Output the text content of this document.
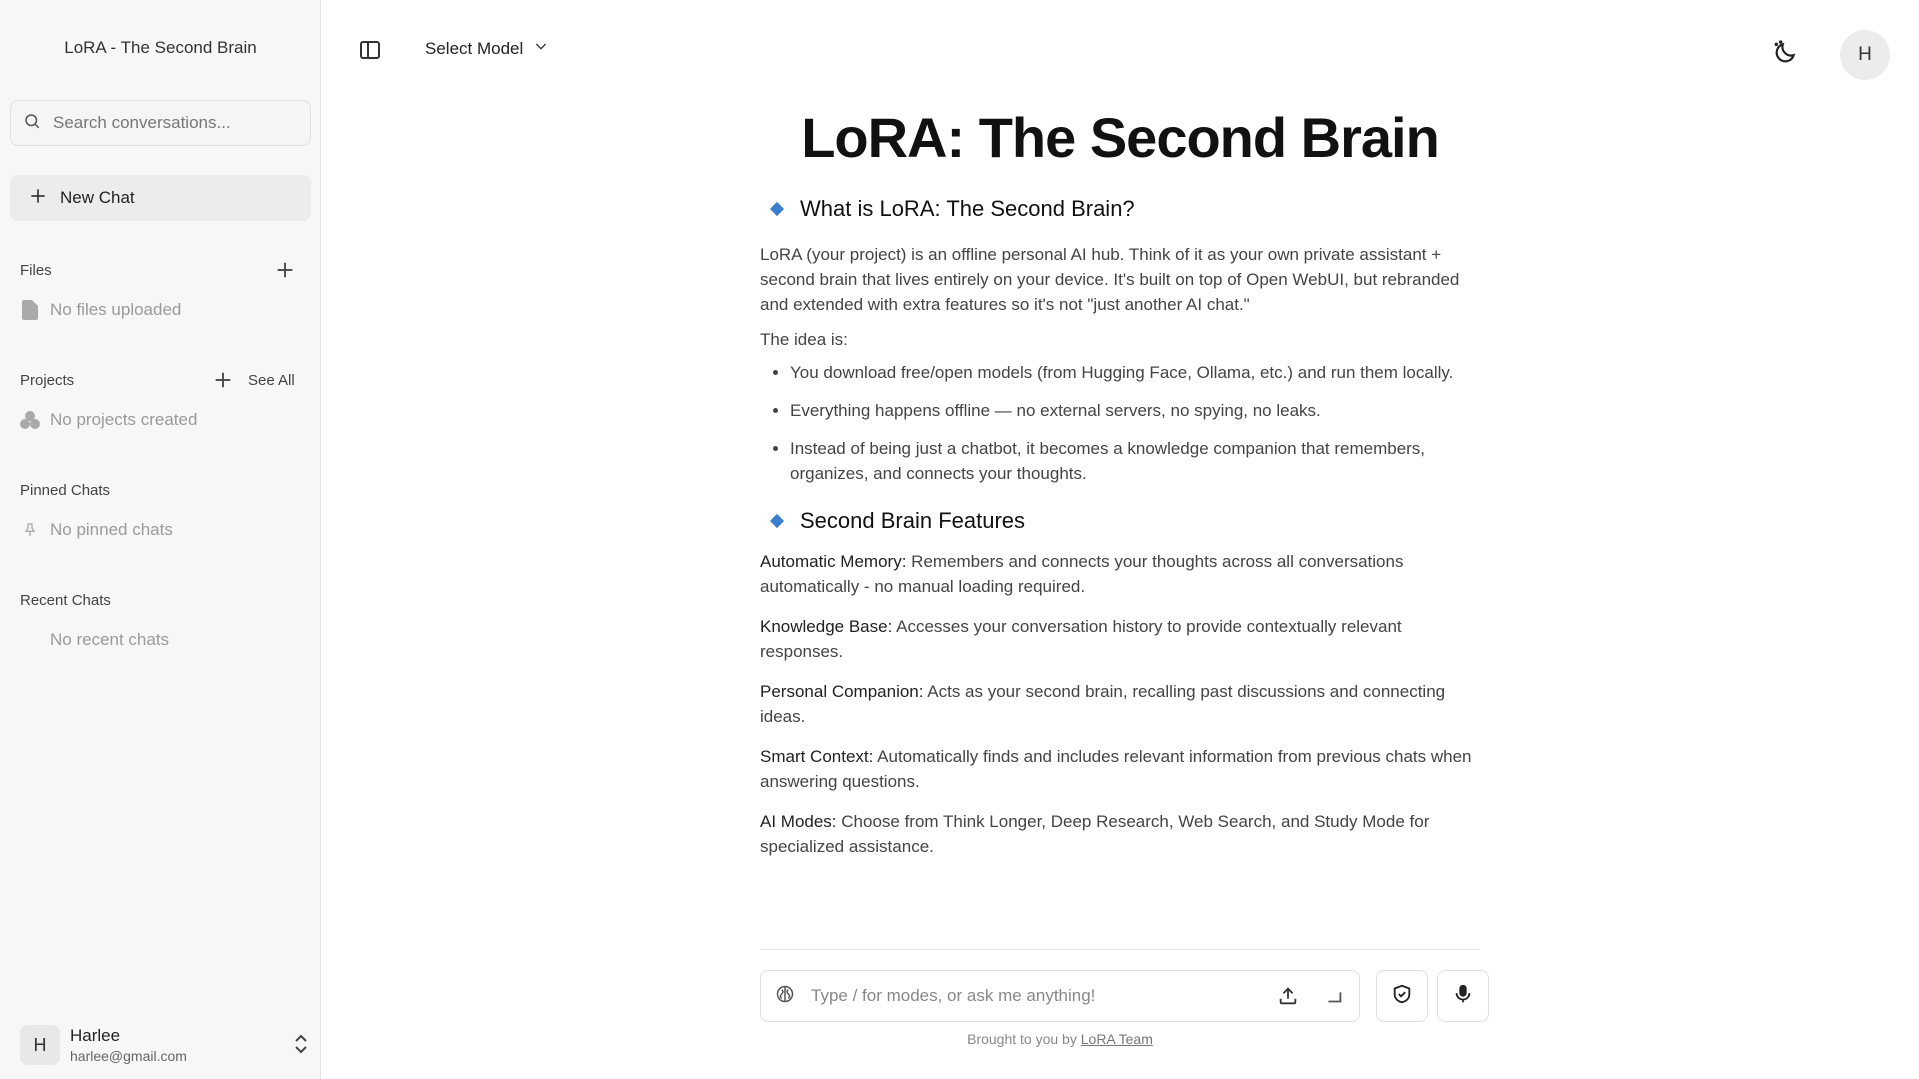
LoRA - The Second Brain
Search conversations...
New Chat
Files
No files uploaded
Projects	See All
No projects created
Pinned Chats
No pinned chats
Recent Chats
No recent chats
H	Harlee
harlee@gmail.com
Select Model	H
LoRA: The Second Brain
What is LoRA: The Second Brain?

LoRA (your project) is an offline personal AI hub. Think of it as your own private assistant + second brain that lives entirely on your device. It's built on top of Open WebUI, but rebranded and extended with extra features so it's not "just another AI chat."

The idea is:

• You download free/open models (from Hugging Face, Ollama, etc.) and run them locally.
• Everything happens offline — no external servers, no spying, no leaks.
• Instead of being just a chatbot, it becomes a knowledge companion that remembers, organizes, and connects your thoughts.
Second Brain Features

Automatic Memory: Remembers and connects your thoughts across all conversations automatically - no manual loading required.

Knowledge Base: Accesses your conversation history to provide contextually relevant responses.

Personal Companion: Acts as your second brain, recalling past discussions and connecting ideas.

Smart Context: Automatically finds and includes relevant information from previous chats when answering questions.

AI Modes: Choose from Think Longer, Deep Research, Web Search, and Study Mode for specialized assistance.

Type / for modes, or ask me anything!
Brought to you by LoRA Team
